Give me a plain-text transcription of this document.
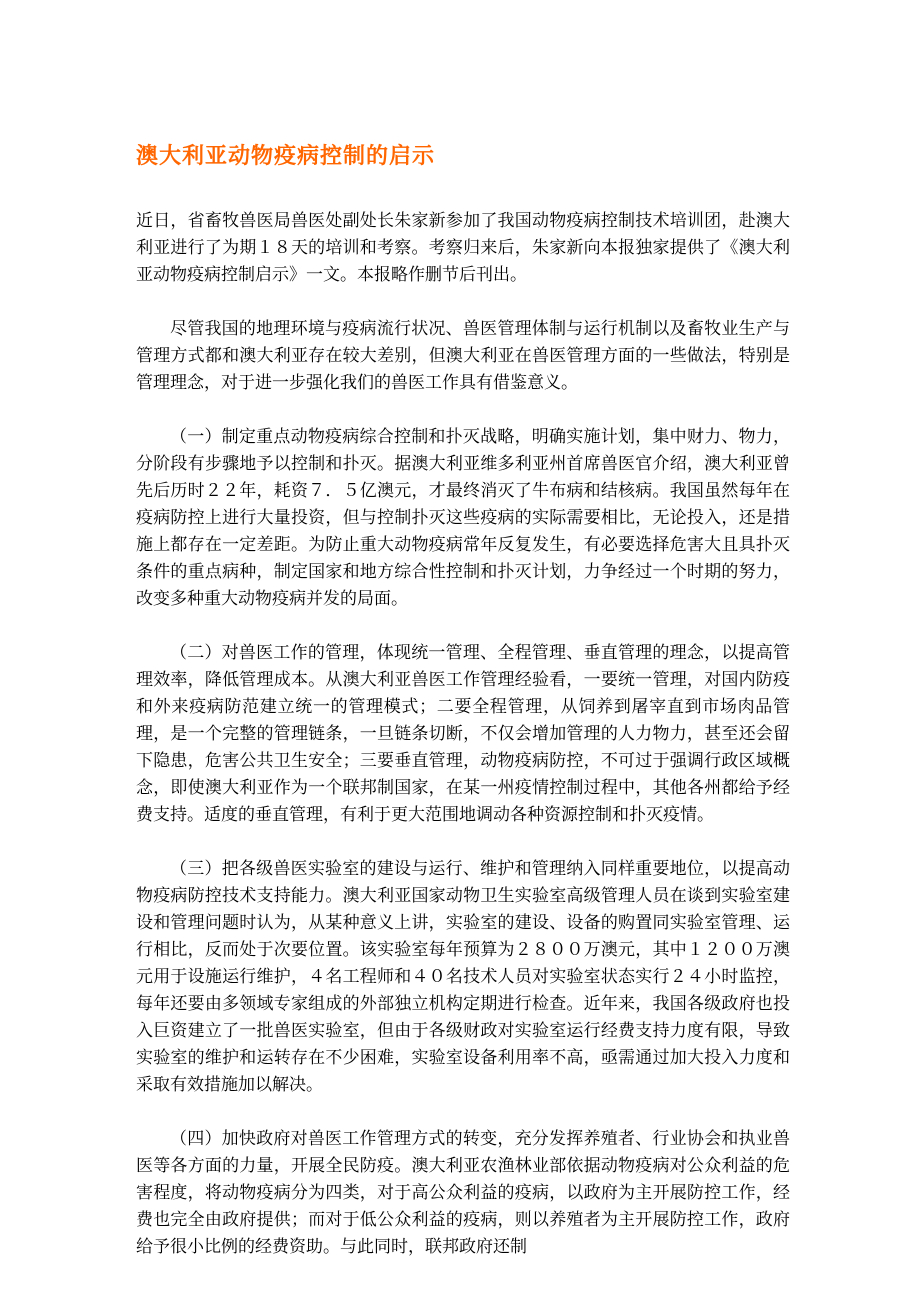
澳大利亚动物疫病控制的启示

近日，省畜牧兽医局兽医处副处长朱家新参加了我国动物疫病控制技术培训团，赴澳大利亚进行了为期１８天的培训和考察。考察归来后，朱家新向本报独家提供了《澳大利亚动物疫病控制启示》一文。本报略作删节后刊出。

尽管我国的地理环境与疫病流行状况、兽医管理体制与运行机制以及畜牧业生产与管理方式都和澳大利亚存在较大差别，但澳大利亚在兽医管理方面的一些做法，特别是管理理念，对于进一步强化我们的兽医工作具有借鉴意义。

（一）制定重点动物疫病综合控制和扑灭战略，明确实施计划，集中财力、物力，分阶段有步骤地予以控制和扑灭。据澳大利亚维多利亚州首席兽医官介绍，澳大利亚曾先后历时２２年，耗资７．５亿澳元，才最终消灭了牛布病和结核病。我国虽然每年在疫病防控上进行大量投资，但与控制扑灭这些疫病的实际需要相比，无论投入，还是措施上都存在一定差距。为防止重大动物疫病常年反复发生，有必要选择危害大且具扑灭条件的重点病种，制定国家和地方综合性控制和扑灭计划，力争经过一个时期的努力，改变多种重大动物疫病并发的局面。

（二）对兽医工作的管理，体现统一管理、全程管理、垂直管理的理念，以提高管理效率，降低管理成本。从澳大利亚兽医工作管理经验看，一要统一管理，对国内防疫和外来疫病防范建立统一的管理模式；二要全程管理，从饲养到屠宰直到市场肉品管理，是一个完整的管理链条，一旦链条切断，不仅会增加管理的人力物力，甚至还会留下隐患，危害公共卫生安全；三要垂直管理，动物疫病防控，不可过于强调行政区域概念，即使澳大利亚作为一个联邦制国家，在某一州疫情控制过程中，其他各州都给予经费支持。适度的垂直管理，有利于更大范围地调动各种资源控制和扑灭疫情。

（三）把各级兽医实验室的建设与运行、维护和管理纳入同样重要地位，以提高动物疫病防控技术支持能力。澳大利亚国家动物卫生实验室高级管理人员在谈到实验室建设和管理问题时认为，从某种意义上讲，实验室的建设、设备的购置同实验室管理、运行相比，反而处于次要位置。该实验室每年预算为２８００万澳元，其中１２００万澳元用于设施运行维护，４名工程师和４０名技术人员对实验室状态实行２４小时监控，每年还要由多领域专家组成的外部独立机构定期进行检查。近年来，我国各级政府也投入巨资建立了一批兽医实验室，但由于各级财政对实验室运行经费支持力度有限，导致实验室的维护和运转存在不少困难，实验室设备利用率不高，亟需通过加大投入力度和采取有效措施加以解决。

（四）加快政府对兽医工作管理方式的转变，充分发挥养殖者、行业协会和执业兽医等各方面的力量，开展全民防疫。澳大利亚农渔林业部依据动物疫病对公众利益的危害程度，将动物疫病分为四类，对于高公众利益的疫病，以政府为主开展防控工作，经费也完全由政府提供；而对于低公众利益的疫病，则以养殖者为主开展防控工作，政府给予很小比例的经费资助。与此同时，联邦政府还制
